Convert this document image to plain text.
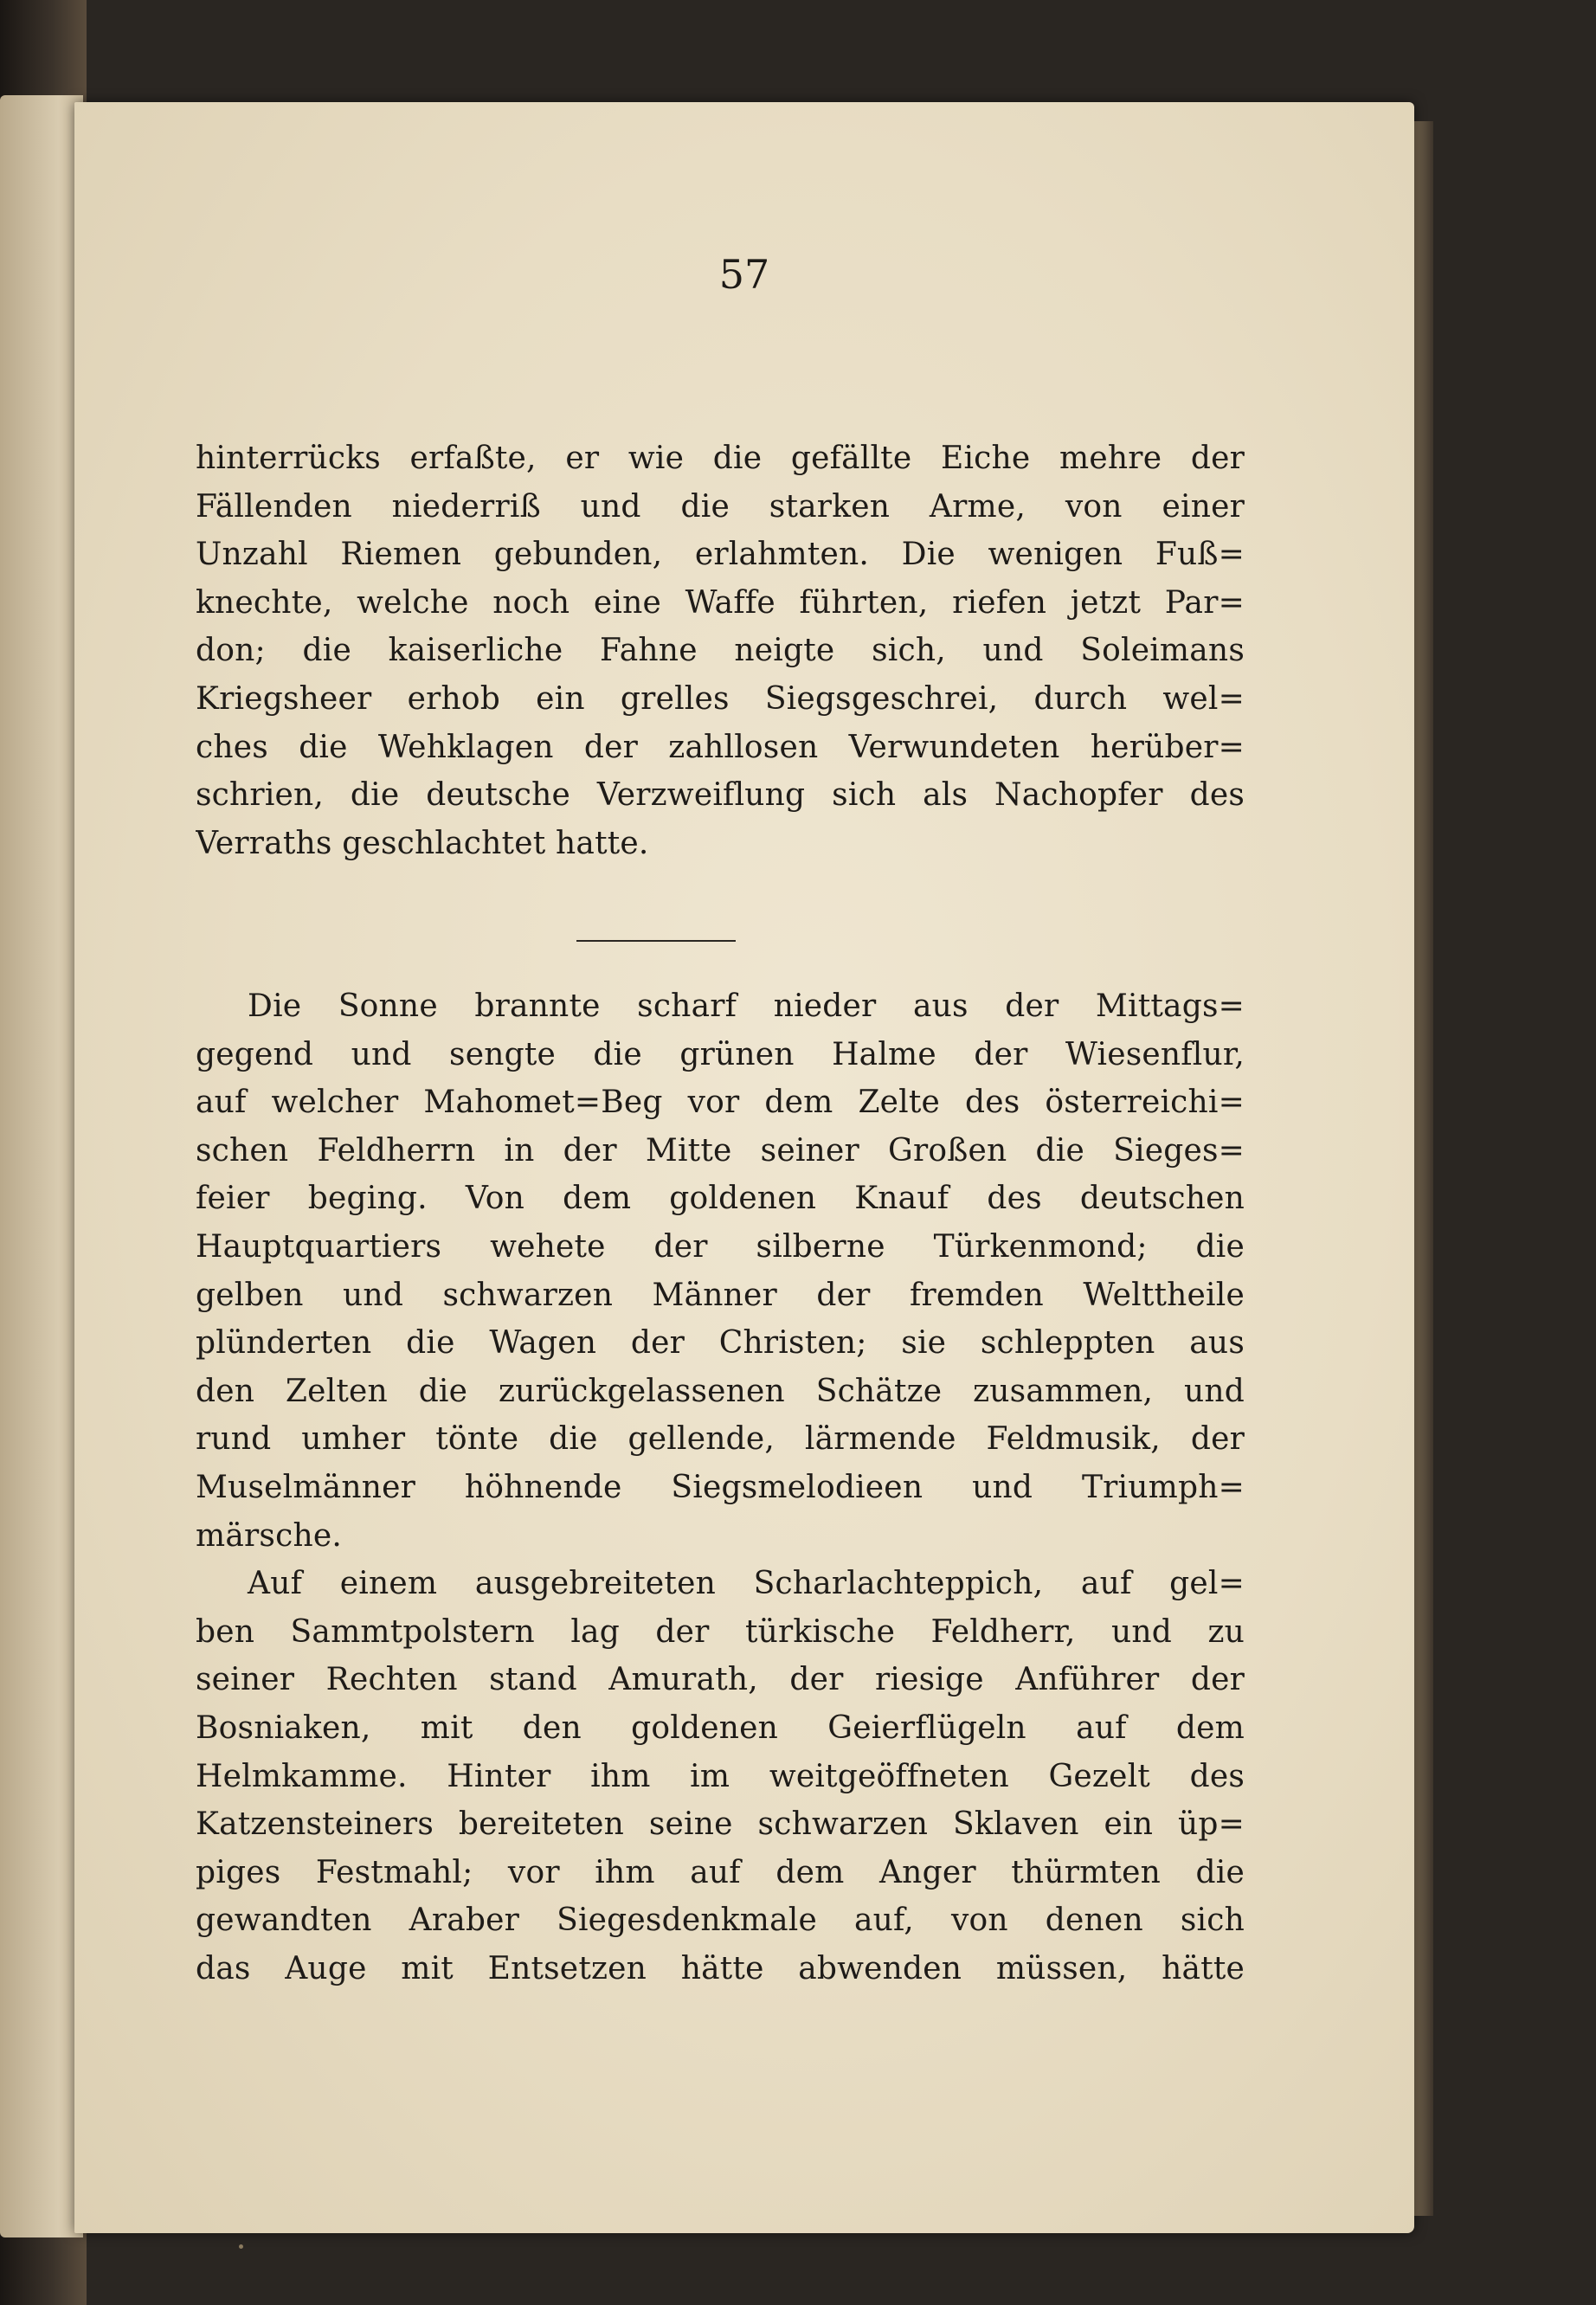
57
hinterrücks erfaßte, er wie die gefällte Eiche mehre der
Fällenden niederriß und die starken Arme, von einer
Unzahl Riemen gebunden, erlahmten. Die wenigen Fuß=
knechte, welche noch eine Waffe führten, riefen jetzt Par=
don; die kaiserliche Fahne neigte sich, und Soleimans
Kriegsheer erhob ein grelles Siegsgeschrei, durch wel=
ches die Wehklagen der zahllosen Verwundeten herüber=
schrien, die deutsche Verzweiflung sich als Nachopfer des
Verraths geschlachtet hatte.
Die Sonne brannte scharf nieder aus der Mittags=
gegend und sengte die grünen Halme der Wiesenflur,
auf welcher Mahomet=Beg vor dem Zelte des österreichi=
schen Feldherrn in der Mitte seiner Großen die Sieges=
feier beging. Von dem goldenen Knauf des deutschen
Hauptquartiers wehete der silberne Türkenmond; die
gelben und schwarzen Männer der fremden Welttheile
plünderten die Wagen der Christen; sie schleppten aus
den Zelten die zurückgelassenen Schätze zusammen, und
rund umher tönte die gellende, lärmende Feldmusik, der
Muselmänner höhnende Siegsmelodieen und Triumph=
märsche.
Auf einem ausgebreiteten Scharlachteppich, auf gel=
ben Sammtpolstern lag der türkische Feldherr, und zu
seiner Rechten stand Amurath, der riesige Anführer der
Bosniaken, mit den goldenen Geierflügeln auf dem
Helmkamme. Hinter ihm im weitgeöffneten Gezelt des
Katzensteiners bereiteten seine schwarzen Sklaven ein üp=
piges Festmahl; vor ihm auf dem Anger thürmten die
gewandten Araber Siegesdenkmale auf, von denen sich
das Auge mit Entsetzen hätte abwenden müssen, hätte
